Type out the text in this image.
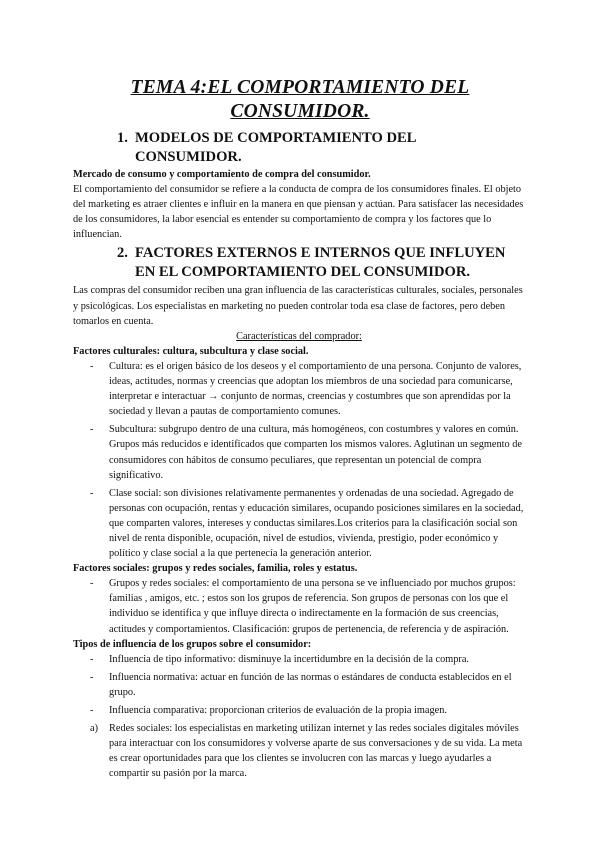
TEMA 4:EL COMPORTAMIENTO DEL
CONSUMIDOR.
1. MODELOS DE COMPORTAMIENTO DEL CONSUMIDOR.

Mercado de consumo y comportamiento de compra del consumidor.

El comportamiento del consumidor se refiere a la conducta de compra de los consumidores finales. El objeto del marketing es atraer clientes e influir en la manera en que piensan y actúan. Para satisfacer las necesidades de los consumidores, la labor esencial es entender su comportamiento de compra y los factores que lo influencian.

2. FACTORES EXTERNOS E INTERNOS QUE INFLUYEN EN EL COMPORTAMIENTO DEL CONSUMIDOR.

Las compras del consumidor reciben una gran influencia de las características culturales, sociales, personales y psicológicas. Los especialistas en marketing no pueden controlar toda esa clase de factores, pero deben tomarlos en cuenta.

Características del comprador:

Factores culturales: cultura, subcultura y clase social.

- Cultura: es el origen básico de los deseos y el comportamiento de una persona. Conjunto de valores, ideas, actitudes, normas y creencias que adoptan los miembros de una sociedad para comunicarse, interpretar e interactuar → conjunto de normas, creencias y costumbres que son aprendidas por la sociedad y llevan a pautas de comportamiento comunes.
- Subcultura: subgrupo dentro de una cultura, más homogéneos, con costumbres y valores en común. Grupos más reducidos e identificados que comparten los mismos valores. Aglutinan un segmento de consumidores con hábitos de consumo peculiares, que representan un potencial de compra significativo.
- Clase social: son divisiones relativamente permanentes y ordenadas de una sociedad. Agregado de personas con ocupación, rentas y educación similares, ocupando posiciones similares en la sociedad, que comparten valores, intereses y conductas similares.Los criterios para la clasificación social son nivel de renta disponible, ocupación, nivel de estudios, vivienda, prestigio, poder económico y político y clase social a la que pertenecía la generación anterior.

Factores sociales: grupos y redes sociales, familia, roles y estatus.

- Grupos y redes sociales: el comportamiento de una persona se ve influenciado por muchos grupos: familias , amigos, etc. ; estos son los grupos de referencia. Son grupos de personas con los que el individuo se identifica y que influye directa o indirectamente en la formación de sus creencias, actitudes y comportamientos. Clasificación: grupos de pertenencia, de referencia y de aspiración.

Tipos de influencia de los grupos sobre el consumidor:

- Influencia de tipo informativo: disminuye la incertidumbre en la decisión de la compra.
- Influencia normativa: actuar en función de las normas o estándares de conducta establecidos en el grupo.
- Influencia comparativa: proporcionan criterios de evaluación de la propia imagen.
a) Redes sociales: los especialistas en marketing utilizan internet y las redes sociales digitales móviles para interactuar con los consumidores y volverse aparte de sus conversaciones y de su vida. La meta es crear oportunidades para que los clientes se involucren con las marcas y luego ayudarles a compartir su pasión por la marca.
